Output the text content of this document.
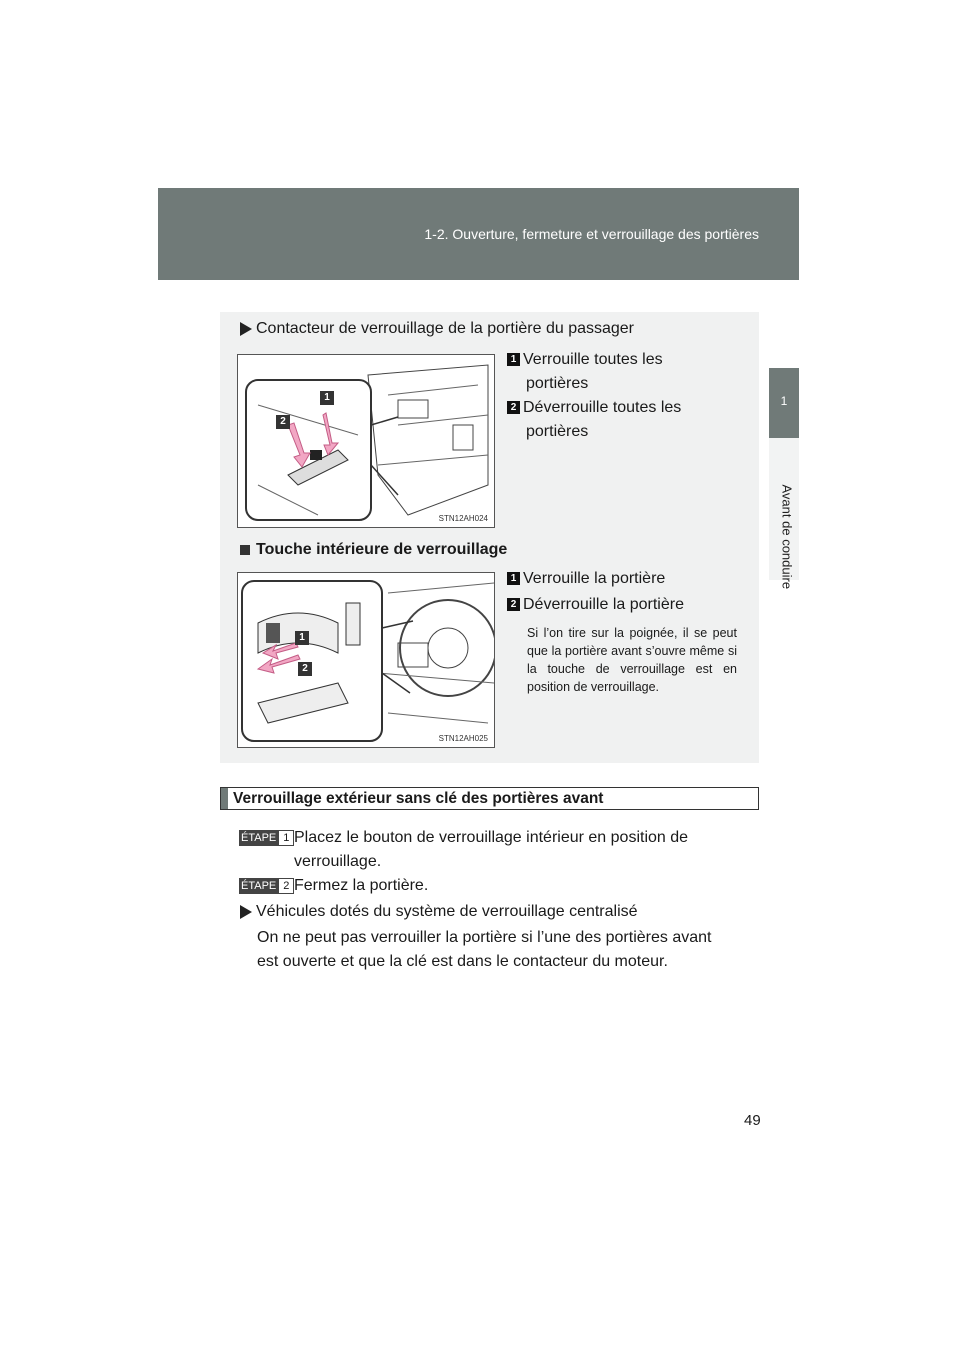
1-2. Ouverture, fermeture et verrouillage des portières
1
Avant de conduire
Contacteur de verrouillage de la portière du passager
1
2
STN12AH024
1 Verrouille toutes les
portières
2 Déverrouille toutes les
portières
Touche intérieure de verrouillage
1
2
STN12AH025
1 Verrouille la portière
2 Déverrouille la portière
Si l’on tire sur la poignée, il se peut que la portière avant s’ouvre même si la touche de verrouillage est en position de verrouillage.
Verrouillage extérieur sans clé des portières avant
ÉTAPE 1 Placez le bouton de verrouillage intérieur en position de
verrouillage.
ÉTAPE 2 Fermez la portière.
Véhicules dotés du système de verrouillage centralisé
On ne peut pas verrouiller la portière si l’une des portières avant
est ouverte et que la clé est dans le contacteur du moteur.
49
